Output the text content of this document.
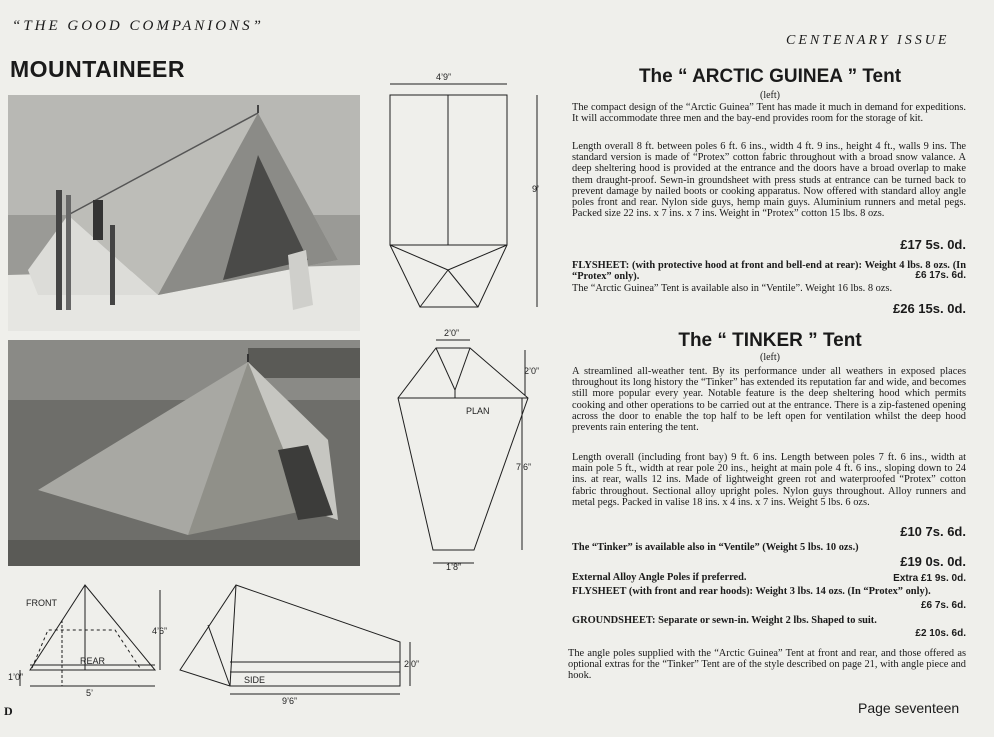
“THE GOOD COMPANIONS”
CENTENARY ISSUE
MOUNTAINEER	4’9”
9’
2’0”
2’0”
PLAN
7’6”
1’8”
FRONT
REAR
4’6”
1’0”
5’
SIDE
2’0”
9’6”
The “ ARCTIC GUINEA ” Tent
(left)
The compact design of the “Arctic Guinea” Tent has made it much in demand for expeditions. It will accommodate three men and the bay-end provides room for the storage of kit.
Length overall 8 ft. between poles 6 ft. 6 ins., width 4 ft. 9 ins., height 4 ft., walls 9 ins. The standard version is made of “Protex” cotton fabric throughout with a broad snow valance. A deep sheltering hood is provided at the entrance and the doors have a broad overlap to make them draught-proof. Sewn-in groundsheet with press studs at entrance can be turned back to prevent damage by nailed boots or cooking apparatus. Now offered with standard alloy angle poles front and rear. Nylon side guys, hemp main guys. Aluminium runners and metal pegs. Packed size 22 ins. x 7 ins. x 7 ins. Weight in “Protex” cotton 15 lbs. 8 ozs.
£17 5s. 0d.
FLYSHEET: (with protective hood at front and bell-end at rear): Weight 4 lbs. 8 ozs. (In “Protex” only).	£6 17s. 6d.
The “Arctic Guinea” Tent is available also in “Ventile”. Weight 16 lbs. 8 ozs.
£26 15s. 0d.
The “ TINKER ” Tent
(left)
A streamlined all-weather tent. By its performance under all weathers in exposed places throughout its long history the “Tinker” has extended its reputation far and wide, and becomes still more popular every year. Notable feature is the deep sheltering hood which permits cooking and other operations to be carried out at the entrance. There is a zip-fastened opening across the door to enable the top half to be left open for ventilation whilst the deep hood prevents rain entering the tent.
Length overall (including front bay) 9 ft. 6 ins. Length between poles 7 ft. 6 ins., width at main pole 5 ft., width at rear pole 20 ins., height at main pole 4 ft. 6 ins., sloping down to 24 ins. at rear, walls 12 ins. Made of lightweight green rot and waterproofed “Protex” cotton fabric throughout. Sectional alloy upright poles. Nylon guys throughout. Alloy runners and metal pegs. Packed in valise 18 ins. x 4 ins. x 7 ins. Weight 5 lbs. 6 ozs.
£10 7s. 6d.
The “Tinker” is available also in “Ventile” (Weight 5 lbs. 10 ozs.)
£19 0s. 0d.
External Alloy Angle Poles if preferred.	Extra £1 9s. 0d.
FLYSHEET (with front and rear hoods): Weight 3 lbs. 14 ozs. (In “Protex” only).
£6 7s. 6d.
GROUNDSHEET: Separate or sewn-in. Weight 2 lbs. Shaped to suit.
£2 10s. 6d.
The angle poles supplied with the “Arctic Guinea” Tent at front and rear, and those offered as optional extras for the “Tinker” Tent are of the style described on page 21, with angle piece and hook.
Page seventeen
D
